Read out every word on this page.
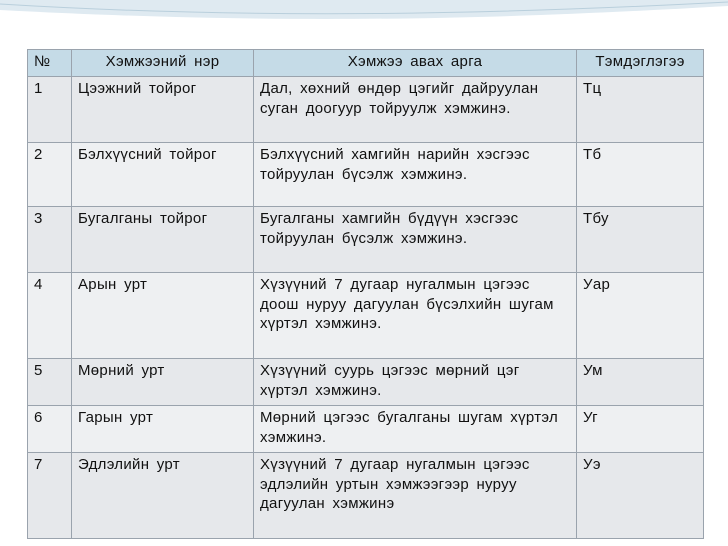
№	Хэмжээний нэр	Хэмжээ авах арга	Тэмдэглэгээ
1	Цээжний тойрог	Дал, хөхний өндөр цэгийг дайруулан суган доогуур тойруулж хэмжинэ.	Тц
2	Бэлхүүсний тойрог	Бэлхүүсний хамгийн нарийн хэсгээс тойруулан бүсэлж хэмжинэ.	Тб
3	Бугалганы тойрог	Бугалганы хамгийн бүдүүн хэсгээс тойруулан бүсэлж хэмжинэ.	Тбу
4	Арын урт	Хүзүүний 7 дугаар нугалмын цэгээс доош нуруу дагуулан бүсэлхийн шугам хүртэл хэмжинэ.	Уар
5	Мөрний урт	Хүзүүний суурь цэгээс мөрний цэг хүртэл хэмжинэ.	Ум
6	Гарын урт	Мөрний цэгээс бугалганы шугам хүртэл хэмжинэ.	Уг
7	Эдлэлийн урт	Хүзүүний 7 дугаар нугалмын цэгээс эдлэлийн уртын хэмжээгээр нуруу дагуулан хэмжинэ	Уэ
